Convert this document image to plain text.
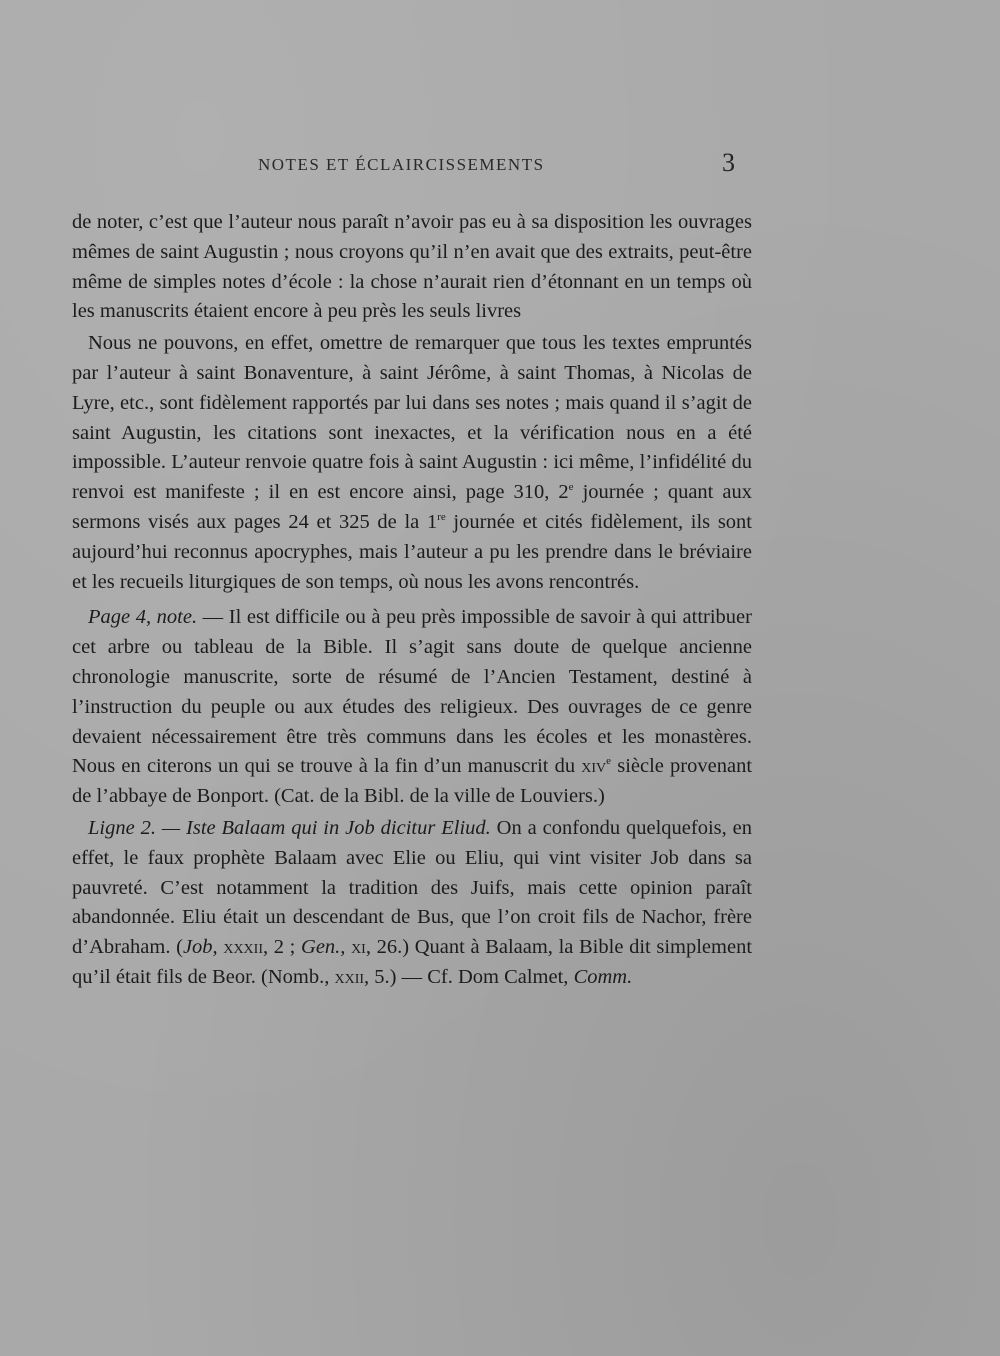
NOTES ET ÉCLAIRCISSEMENTS	3

de noter, c’est que l’auteur nous paraît n’avoir pas eu à sa disposition les ouvrages mêmes de saint Augustin ; nous croyons qu’il n’en avait que des extraits, peut-être même de simples notes d’école : la chose n’aurait rien d’étonnant en un temps où les manuscrits étaient encore à peu près les seuls livres

Nous ne pouvons, en effet, omettre de remarquer que tous les textes empruntés par l’auteur à saint Bonaventure, à saint Jérôme, à saint Thomas, à Nicolas de Lyre, etc., sont fidèlement rapportés par lui dans ses notes ; mais quand il s’agit de saint Augustin, les citations sont inexactes, et la vérification nous en a été impossible. L’auteur renvoie quatre fois à saint Augustin : ici même, l’infidélité du renvoi est manifeste ; il en est encore ainsi, page 310, 2e journée ; quant aux sermons visés aux pages 24 et 325 de la 1re journée et cités fidèlement, ils sont aujourd’hui reconnus apocryphes, mais l’auteur a pu les prendre dans le bréviaire et les recueils liturgiques de son temps, où nous les avons rencontrés.

Page 4, note. — Il est difficile ou à peu près impossible de savoir à qui attribuer cet arbre ou tableau de la Bible. Il s’agit sans doute de quelque ancienne chronologie manuscrite, sorte de résumé de l’Ancien Testament, destiné à l’instruction du peuple ou aux études des religieux. Des ouvrages de ce genre devaient nécessairement être très communs dans les écoles et les monastères. Nous en citerons un qui se trouve à la fin d’un manuscrit du xiv$^e$ siècle provenant de l’abbaye de Bonport. (Cat. de la Bibl. de la ville de Louviers.)

Ligne 2. — Iste Balaam qui in Job dicitur Eliud. On a confondu quelquefois, en effet, le faux prophète Balaam avec Elie ou Eliu, qui vint visiter Job dans sa pauvreté. C’est notamment la tradition des Juifs, mais cette opinion paraît abandonnée. Eliu était un descendant de Bus, que l’on croit fils de Nachor, frère d’Abraham. (Job, xxxii, 2 ; Gen., xi, 26.) Quant à Balaam, la Bible dit simplement qu’il était fils de Beor. (Nomb., xxii, 5.) — Cf. Dom Calmet, Comm.
